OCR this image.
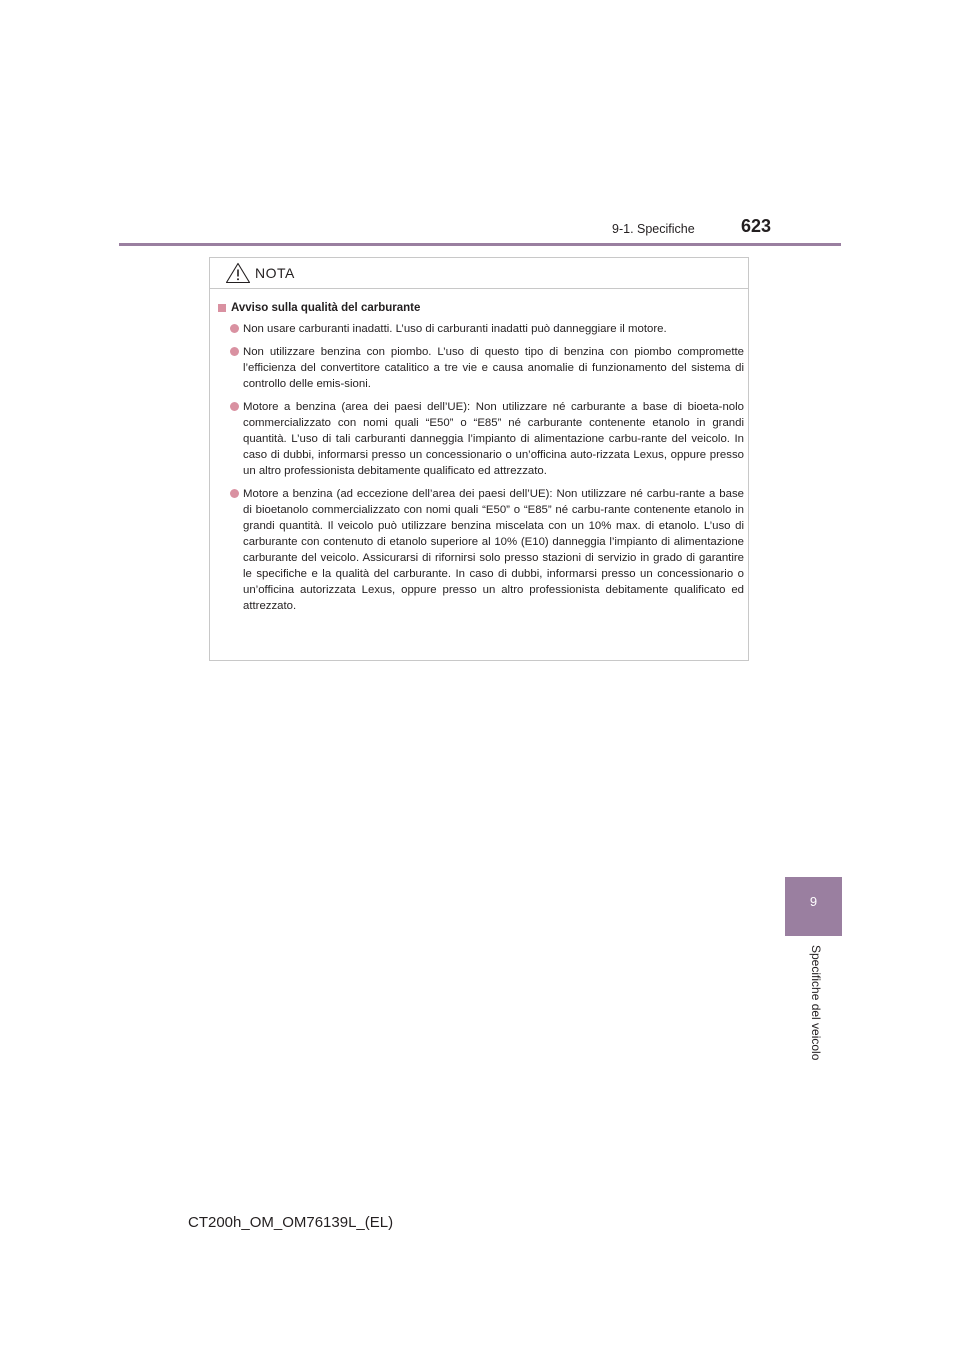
9-1. Specifiche	623
NOTA
Avviso sulla qualità del carburante
Non usare carburanti inadatti. L’uso di carburanti inadatti può danneggiare il motore.
Non utilizzare benzina con piombo. L’uso di questo tipo di benzina con piombo compromette l’efficienza del convertitore catalitico a tre vie e causa anomalie di funzionamento del sistema di controllo delle emis-sioni.
Motore a benzina (area dei paesi dell’UE): Non utilizzare né carburante a base di bioeta-nolo commercializzato con nomi quali “E50” o “E85” né carburante contenente etanolo in grandi quantità. L’uso di tali carburanti danneggia l’impianto di alimentazione carbu-rante del veicolo. In caso di dubbi, informarsi presso un concessionario o un’officina auto-rizzata Lexus, oppure presso un altro professionista debitamente qualificato ed attrezzato.
Motore a benzina (ad eccezione dell’area dei paesi dell’UE): Non utilizzare né carbu-rante a base di bioetanolo commercializzato con nomi quali “E50” o “E85” né carbu-rante contenente etanolo in grandi quantità. Il veicolo può utilizzare benzina miscelata con un 10% max. di etanolo. L’uso di carburante con contenuto di etanolo superiore al 10% (E10) danneggia l’impianto di alimentazione carburante del veicolo. Assicurarsi di rifornirsi solo presso stazioni di servizio in grado di garantire le specifiche e la qualità del carburante. In caso di dubbi, informarsi presso un concessionario o un’officina autorizzata Lexus, oppure presso un altro professionista debitamente qualificato ed attrezzato.
9
Specifiche del veicolo
CT200h_OM_OM76139L_(EL)
